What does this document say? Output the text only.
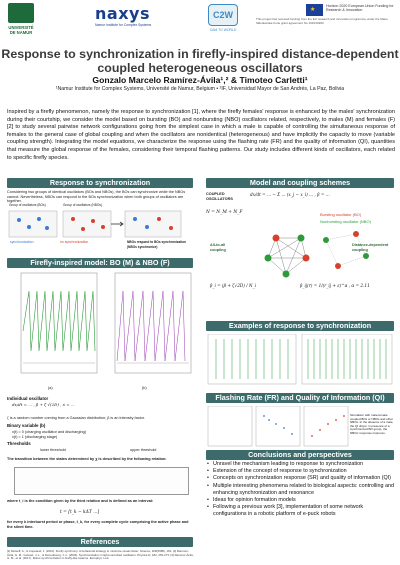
UNIVERSITÉ DE NAMUR
naxys
Namur Institute for Complex Systems
C2W
CAM TO WORLD
★
Horizon 2020 European Union Funding for Research & Innovation
This project has received funding from the EU research and innovation programme under the Marie Skłodowska-Curie grant agreement No 101034383.
Response to synchronization in firefly-inspired distance-dependent coupled heterogeneous oscillators
Gonzalo Marcelo Ramírez-Ávila¹,² & Timoteo Carletti¹
¹Namur Institute for Complex Systems, Université de Namur, Belgium • ²IF, Universidad Mayor de San Andrés, La Paz, Bolivia
Inspired by a firefly phenomenon, namely the response to synchronization [1], where the firefly females' response is enhanced by the males' synchronization during their courtship, we consider the model based on bursting (BO) and nonbursting (NBO) oscillators related, respectively, to males (M) and females (F) [2] to study several pairwise network configurations going from the simplest case in which a male is capable of controlling the simultaneous response of females to the general case of global coupling and when the oscillators are nonidentical (heterogeneous) and have implicitly the capacity to move (variable coupling strength). Integrating the model equations, we characterize the response using the flashing rate (FR) and the quality of information (QI), quantities that measure the global response of the females, considering their temporal flashing patterns. Our study includes different kinds of oscillators, each related to specific firefly species.
Response to synchronization
Considering two groups of identical oscillators (BOs and NBOs), the BOs can synchronize while the NBOs cannot. Nevertheless, NBOs can respond to the BOs synchronization when both groups of oscillators are together.
Group of oscillators (BOs)	Group of oscillators (NBOs)
synchronization	no synchronization	NBOs respond to BOs synchronization (NBOs synchronize)
Firefly-inspired model: BO (M) & NBO (F)
(a)	(b)
Individual oscillator
dx/dt = ... , β + ζ √(2D) , ẋ = ...
ζ is a random number coming from a Gaussian distribution; β is an intensity factor.
Binary variable (b)
x(t) = 0 (charging oscillator and discharging)
x(t) = 1 (discharging stage)
Thresholds
lower threshold	upper threshold
The transition between the states determined by χ is described by the following relation:
where t_i is the condition given by the third relation and is defined as an interval:
t = [t_k − kΔT ...]
for every k interburst period or phase, t_k, for every complete cycle comprising the active phase and the silent time.
References
[1] Moiseff, A., & Copeland, J. (2010). Firefly synchrony: A behavioral strategy to minimize visual clutter. Science, 329(5988), 181. [2] Ramírez-Ávila, G. M., Guisset, J.-L., & Deneubourg, J.-L. (2003). Synchronization in light-controlled oscillators. Physica D, 182, 254-273. [3] Ramírez-Ávila, G. M., et al. (2017). Robot synchronization in firefly-like swarms. Europhys. Lett.
Model and coupling schemes
COUPLED OSCILLATORS
dx/dt = ... − Σ ... (x_j − x_i) ... , β = ...
N = N_M + N_F	Bursting oscillator (BO)
Nonbursting oscillator (NBO)
All-to-all coupling
Distance-dependent coupling
β_i = (β + ζ√2D) / N_i	β_ij(r) = 1/(r_ij + ε)^α , α = 2.11
Examples of response to synchronization
Flashing Rate (FR) and Quality of Information (QI)
Simulation with male-female coupled BOs or NBOs and other NBOs. In the absence of a male, the QI drops; in presence of a synchronized BO group, the NBOs' response improves.
Conclusions and perspectives
• Unravel the mechanism leading to response to synchronization
• Extension of the concept of response to synchronization
• Concepts on synchronization response (SR) and quality of information (QI)
• Multiple interesting phenomena related to biological aspects: controlling and enhancing synchronization and resonance
• Ideas for opinion formation models
• Following a previous work [3], implementation of some network configurations in a robotic platform of e-puck robots
